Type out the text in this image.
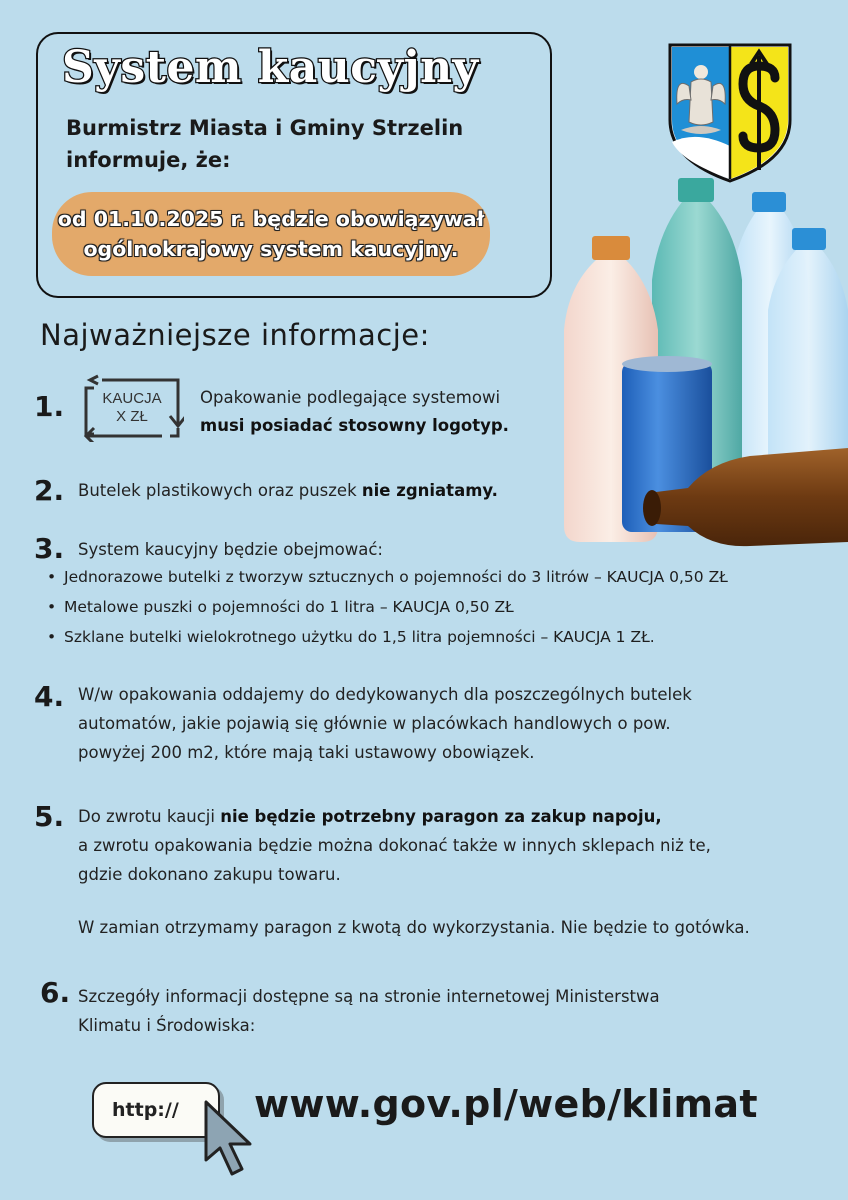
System kaucyjny
Burmistrz Miasta i Gminy Strzelin
informuje, że:
od 01.10.2025 r. będzie obowiązywał
ogólnokrajowy system kaucyjny.
Najważniejsze informacje:
1.	KAUCJA
X ZŁ
Opakowanie podlegające systemowi
musi posiadać stosowny logotyp.
2. Butelek plastikowych oraz puszek nie zgniatamy.
3. System kaucyjny będzie obejmować:
• Jednorazowe butelki z tworzyw sztucznych o pojemności do 3 litrów – KAUCJA 0,50 ZŁ
• Metalowe puszki o pojemności do 1 litra – KAUCJA 0,50 ZŁ
• Szklane butelki wielokrotnego użytku do 1,5 litra pojemności – KAUCJA 1 ZŁ.
4. W/w opakowania oddajemy do dedykowanych dla poszczególnych butelek
automatów, jakie pojawią się głównie w placówkach handlowych o pow.
powyżej 200 m2, które mają taki ustawowy obowiązek.
5. Do zwrotu kaucji nie będzie potrzebny paragon za zakup napoju,
a zwrotu opakowania będzie można dokonać także w innych sklepach niż te,
gdzie dokonano zakupu towaru.
W zamian otrzymamy paragon z kwotą do wykorzystania. Nie będzie to gotówka.
6. Szczegóły informacji dostępne są na stronie internetowej Ministerstwa
Klimatu i Środowiska:
http://	www.gov.pl/web/klimat
